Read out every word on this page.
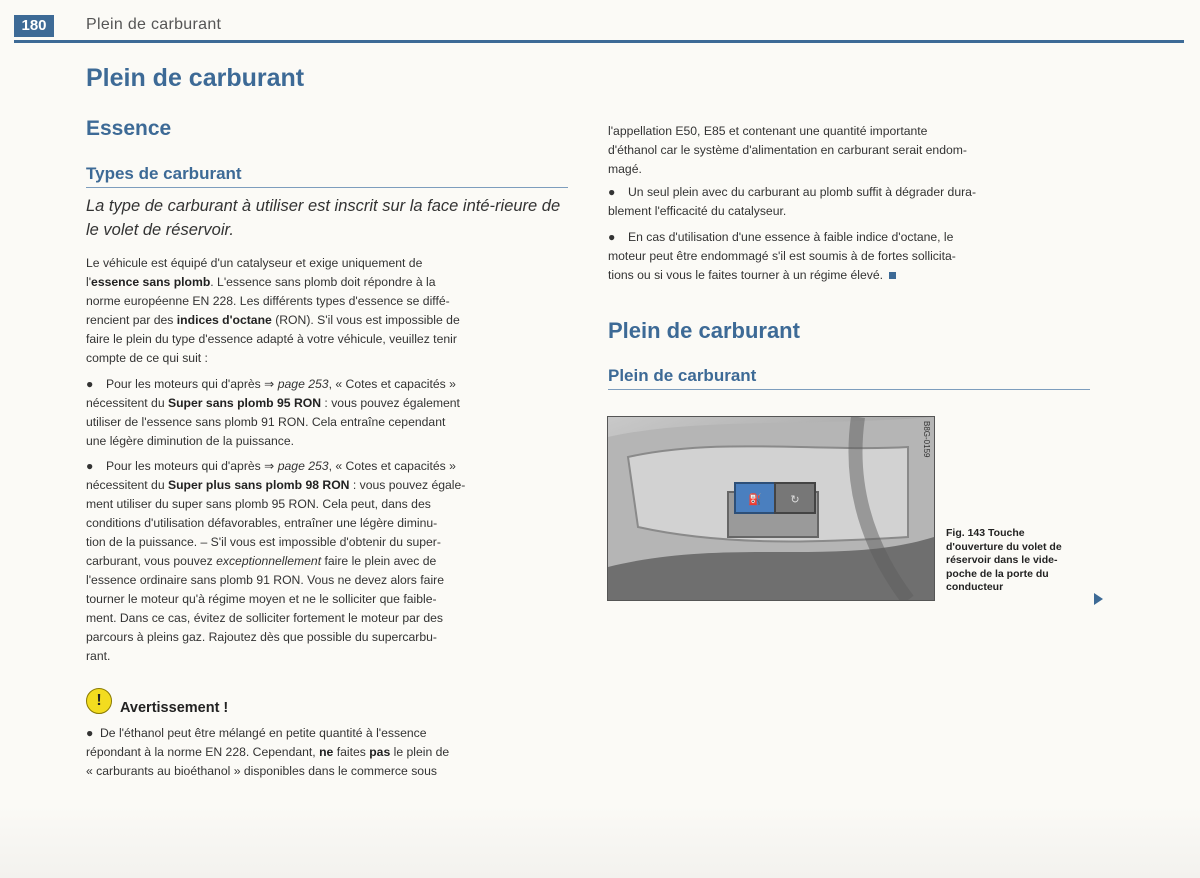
180	Plein de carburant
Plein de carburant
Essence
Types de carburant
La type de carburant à utiliser est inscrit sur la face inté-rieure de le volet de réservoir.

Le véhicule est équipé d'un catalyseur et exige uniquement de

l'essence sans plomb. L'essence sans plomb doit répondre à la

norme européenne EN 228. Les différents types d'essence se diffé-

rencient par des indices d'octane (RON). S'il vous est impossible de

faire le plein du type d'essence adapté à votre véhicule, veuillez tenir

compte de ce qui suit :

● Pour les moteurs qui d'après ⇒ page 253, « Cotes et capacités »

nécessitent du Super sans plomb 95 RON : vous pouvez également

utiliser de l'essence sans plomb 91 RON. Cela entraîne cependant

une légère diminution de la puissance.

● Pour les moteurs qui d'après ⇒ page 253, « Cotes et capacités »

nécessitent du Super plus sans plomb 98 RON : vous pouvez égale-

ment utiliser du super sans plomb 95 RON. Cela peut, dans des

conditions d'utilisation défavorables, entraîner une légère diminu-

tion de la puissance. – S'il vous est impossible d'obtenir du super-

carburant, vous pouvez exceptionnellement faire le plein avec de

l'essence ordinaire sans plomb 91 RON. Vous ne devez alors faire

tourner le moteur qu'à régime moyen et ne le solliciter que faible-

ment. Dans ce cas, évitez de solliciter fortement le moteur par des

parcours à pleins gaz. Rajoutez dès que possible du supercarbu-

rant.

!	Avertissement !

● De l'éthanol peut être mélangé en petite quantité à l'essence

répondant à la norme EN 228. Cependant, ne faites pas le plein de

« carburants au bioéthanol » disponibles dans le commerce sous

l'appellation E50, E85 et contenant une quantité importante

d'éthanol car le système d'alimentation en carburant serait endom-

magé.

● Un seul plein avec du carburant au plomb suffit à dégrader dura-

blement l'efficacité du catalyseur.

● En cas d'utilisation d'une essence à faible indice d'octane, le

moteur peut être endommagé s'il est soumis à de fortes sollicita-

tions ou si vous le faites tourner à un régime élevé.

Plein de carburant
Plein de carburant
⛽	↻
B8G-0159
Fig. 143 Touche
d'ouverture du volet de
réservoir dans le vide-
poche de la porte du
conducteur
